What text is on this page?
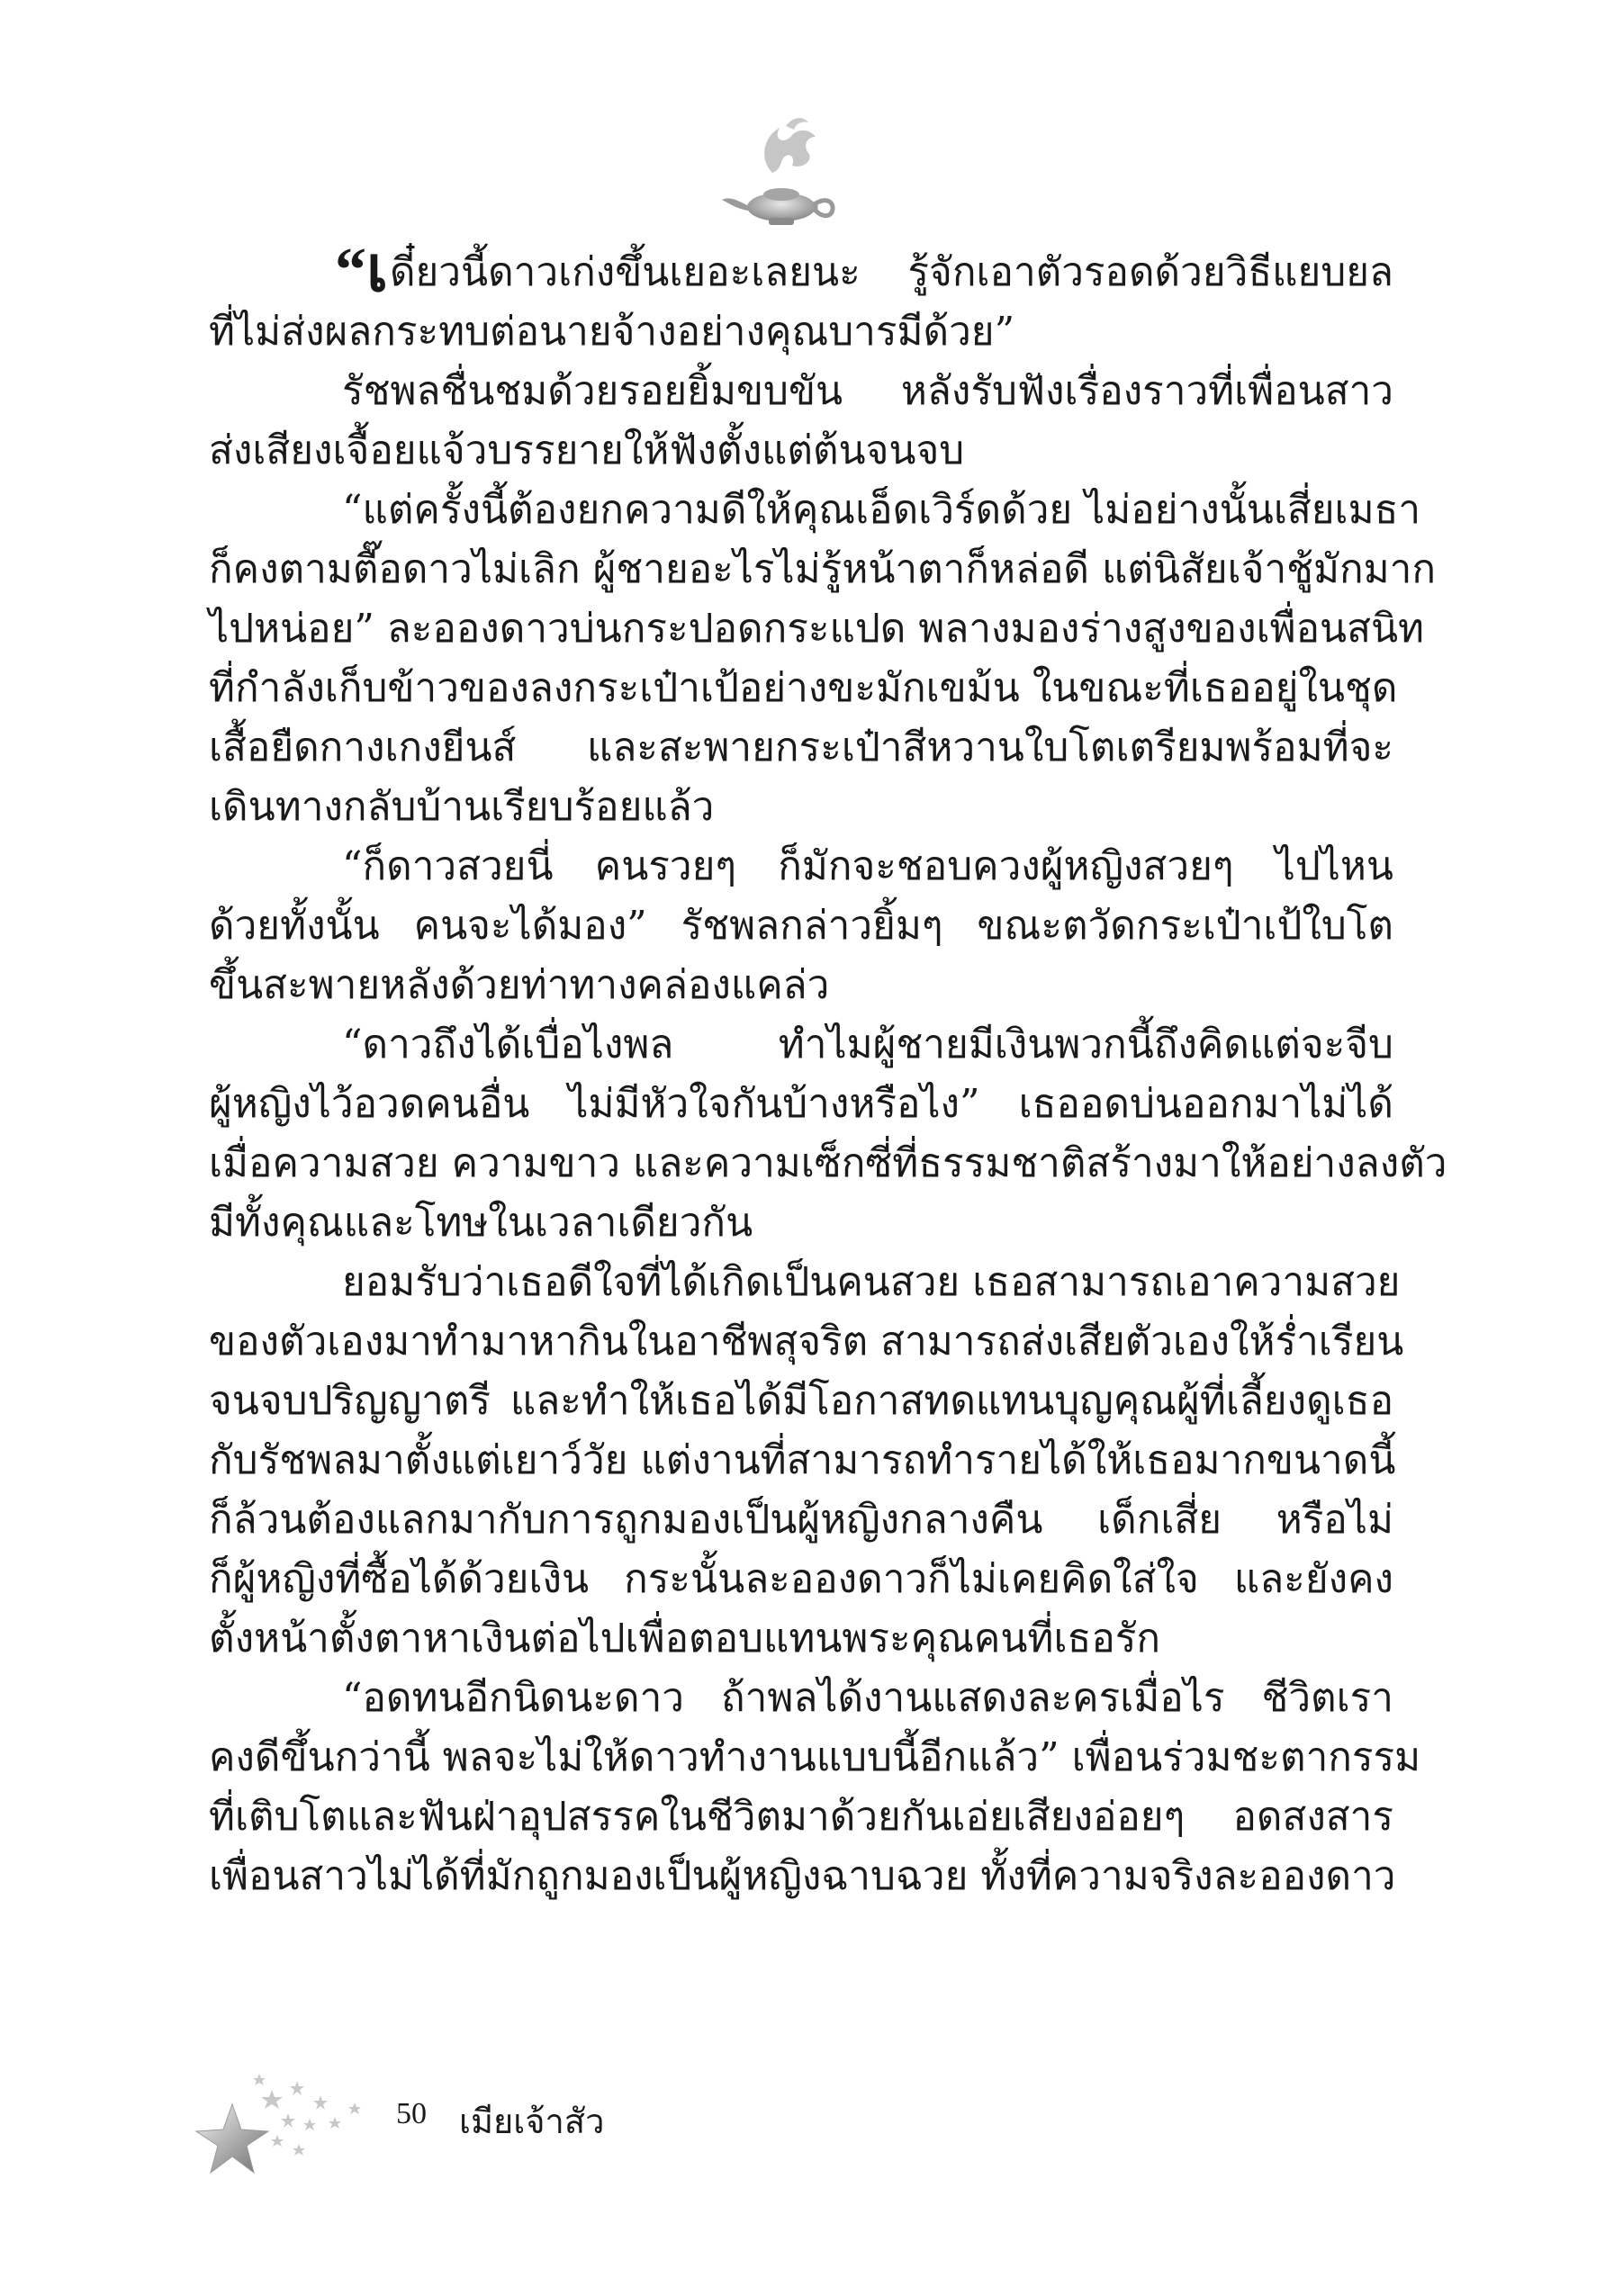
“เดี๋ยวนี้ดาวเก่งขึ้นเยอะเลยนะ รู้จักเอาตัวรอดด้วยวิธีแยบยล
ที่ไม่ส่งผลกระทบต่อนายจ้างอย่างคุณบารมีด้วย”
รัชพลชื่นชมด้วยรอยยิ้มขบขัน หลังรับฟังเรื่องราวที่เพื่อนสาว
ส่งเสียงเจื้อยแจ้วบรรยายให้ฟังตั้งแต่ต้นจนจบ
“แต่ครั้งนี้ต้องยกความดีให้คุณเอ็ดเวิร์ดด้วย ไม่อย่างนั้นเสี่ยเมธา
ก็คงตามตื๊อดาวไม่เลิก ผู้ชายอะไรไม่รู้หน้าตาก็หล่อดี แต่นิสัยเจ้าชู้มักมาก
ไปหน่อย” ละอองดาวบ่นกระปอดกระแปด พลางมองร่างสูงของเพื่อนสนิท
ที่กำลังเก็บข้าวของลงกระเป๋าเป้อย่างขะมักเขม้น ในขณะที่เธออยู่ในชุด
เสื้อยืดกางเกงยีนส์ และสะพายกระเป๋าสีหวานใบโตเตรียมพร้อมที่จะ
เดินทางกลับบ้านเรียบร้อยแล้ว
“ก็ดาวสวยนี่ คนรวยๆ ก็มักจะชอบควงผู้หญิงสวยๆ ไปไหน
ด้วยทั้งนั้น คนจะได้มอง” รัชพลกล่าวยิ้มๆ ขณะตวัดกระเป๋าเป้ใบโต
ขึ้นสะพายหลังด้วยท่าทางคล่องแคล่ว
“ดาวถึงได้เบื่อไงพล ทำไมผู้ชายมีเงินพวกนี้ถึงคิดแต่จะจีบ
ผู้หญิงไว้อวดคนอื่น ไม่มีหัวใจกันบ้างหรือไง” เธออดบ่นออกมาไม่ได้
เมื่อความสวย ความขาว และความเซ็กซี่ที่ธรรมชาติสร้างมาให้อย่างลงตัว
มีทั้งคุณและโทษในเวลาเดียวกัน
ยอมรับว่าเธอดีใจที่ได้เกิดเป็นคนสวย เธอสามารถเอาความสวย
ของตัวเองมาทำมาหากินในอาชีพสุจริต สามารถส่งเสียตัวเองให้ร่ำเรียน
จนจบปริญญาตรี และทำให้เธอได้มีโอกาสทดแทนบุญคุณผู้ที่เลี้ยงดูเธอ
กับรัชพลมาตั้งแต่เยาว์วัย แต่งานที่สามารถทำรายได้ให้เธอมากขนาดนี้
ก็ล้วนต้องแลกมากับการถูกมองเป็นผู้หญิงกลางคืน เด็กเสี่ย หรือไม่
ก็ผู้หญิงที่ซื้อได้ด้วยเงิน กระนั้นละอองดาวก็ไม่เคยคิดใส่ใจ และยังคง
ตั้งหน้าตั้งตาหาเงินต่อไปเพื่อตอบแทนพระคุณคนที่เธอรัก
“อดทนอีกนิดนะดาว ถ้าพลได้งานแสดงละครเมื่อไร ชีวิตเรา
คงดีขึ้นกว่านี้ พลจะไม่ให้ดาวทำงานแบบนี้อีกแล้ว” เพื่อนร่วมชะตากรรม
ที่เติบโตและฟันฝ่าอุปสรรคในชีวิตมาด้วยกันเอ่ยเสียงอ่อยๆ อดสงสาร
เพื่อนสาวไม่ได้ที่มักถูกมองเป็นผู้หญิงฉาบฉวย ทั้งที่ความจริงละอองดาว
50 เมียเจ้าสัว
